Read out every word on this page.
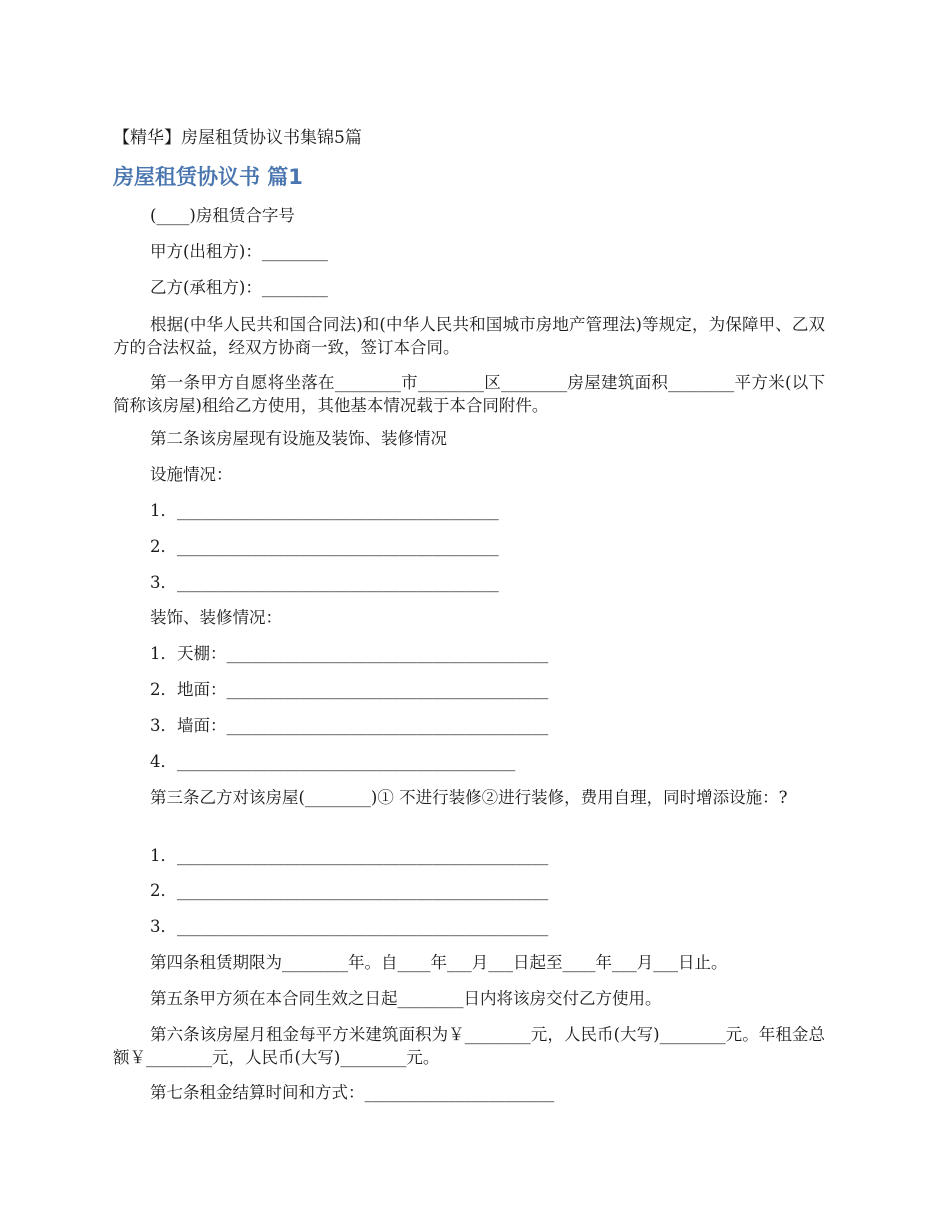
【精华】房屋租赁协议书集锦5篇
房屋租赁协议书 篇1
(____)房租赁合字号
甲方(出租方)：________
乙方(承租方)：________
根据(中华人民共和国合同法)和(中华人民共和国城市房地产管理法)等规定，为保障甲、乙双方的合法权益，经双方协商一致，签订本合同。
第一条甲方自愿将坐落在________市________区________房屋建筑面积________平方米(以下简称该房屋)租给乙方使用，其他基本情况载于本合同附件。
第二条该房屋现有设施及装饰、装修情况
设施情况：
1．_______________________________________
2．_______________________________________
3．_______________________________________
装饰、装修情况：
1．天棚：_______________________________________
2．地面：_______________________________________
3．墙面：_______________________________________
4．_________________________________________
第三条乙方对该房屋(________)① 不进行装修②进行装修，费用自理，同时增添设施：?
1．_____________________________________________
2．_____________________________________________
3．_____________________________________________
第四条租赁期限为________年。自____年___月___日起至____年___月___日止。
第五条甲方须在本合同生效之日起________日内将该房交付乙方使用。
第六条该房屋月租金每平方米建筑面积为￥________元，人民币(大写)________元。年租金总额￥________元，人民币(大写)________元。
第七条租金结算时间和方式：_______________________
